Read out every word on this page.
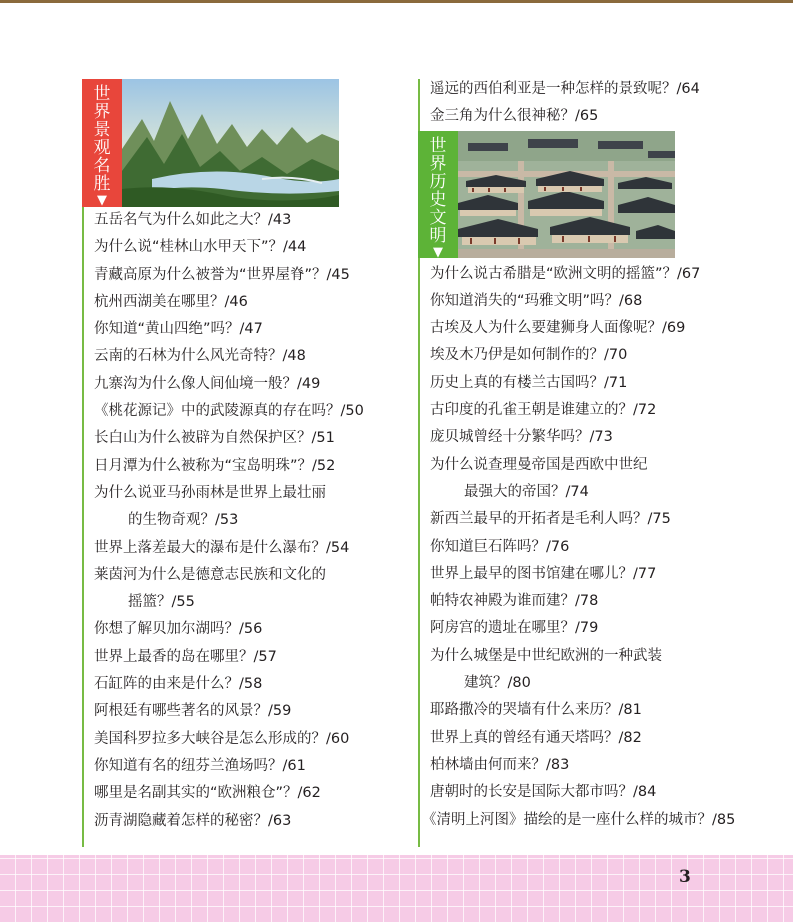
世
界
景
观
名
胜
▼
五岳名气为什么如此之大？/43
为什么说“桂林山水甲天下”？/44
青藏高原为什么被誉为“世界屋脊”？/45
杭州西湖美在哪里？/46
你知道“黄山四绝”吗？/47
云南的石林为什么风光奇特？/48
九寨沟为什么像人间仙境一般？/49
《桃花源记》中的武陵源真的存在吗？/50
长白山为什么被辟为自然保护区？/51
日月潭为什么被称为“宝岛明珠”？/52
为什么说亚马孙雨林是世界上最壮丽
的生物奇观？/53
世界上落差最大的瀑布是什么瀑布？/54
莱茵河为什么是德意志民族和文化的
摇篮？/55
你想了解贝加尔湖吗？/56
世界上最香的岛在哪里？/57
石缸阵的由来是什么？/58
阿根廷有哪些著名的风景？/59
美国科罗拉多大峡谷是怎么形成的？/60
你知道有名的纽芬兰渔场吗？/61
哪里是名副其实的“欧洲粮仓”？/62
沥青湖隐藏着怎样的秘密？/63
遥远的西伯利亚是一种怎样的景致呢？/64
金三角为什么很神秘？/65
世
界
历
史
文
明
▼
为什么说古希腊是“欧洲文明的摇篮”？/67
你知道消失的“玛雅文明”吗？/68
古埃及人为什么要建狮身人面像呢？/69
埃及木乃伊是如何制作的？/70
历史上真的有楼兰古国吗？/71
古印度的孔雀王朝是谁建立的？/72
庞贝城曾经十分繁华吗？/73
为什么说查理曼帝国是西欧中世纪
最强大的帝国？/74
新西兰最早的开拓者是毛利人吗？/75
你知道巨石阵吗？/76
世界上最早的图书馆建在哪儿？/77
帕特农神殿为谁而建？/78
阿房宫的遗址在哪里？/79
为什么城堡是中世纪欧洲的一种武装
建筑？/80
耶路撒冷的哭墙有什么来历？/81
世界上真的曾经有通天塔吗？/82
柏林墙由何而来？/83
唐朝时的长安是国际大都市吗？/84
《清明上河图》描绘的是一座什么样的城市？/85
3
